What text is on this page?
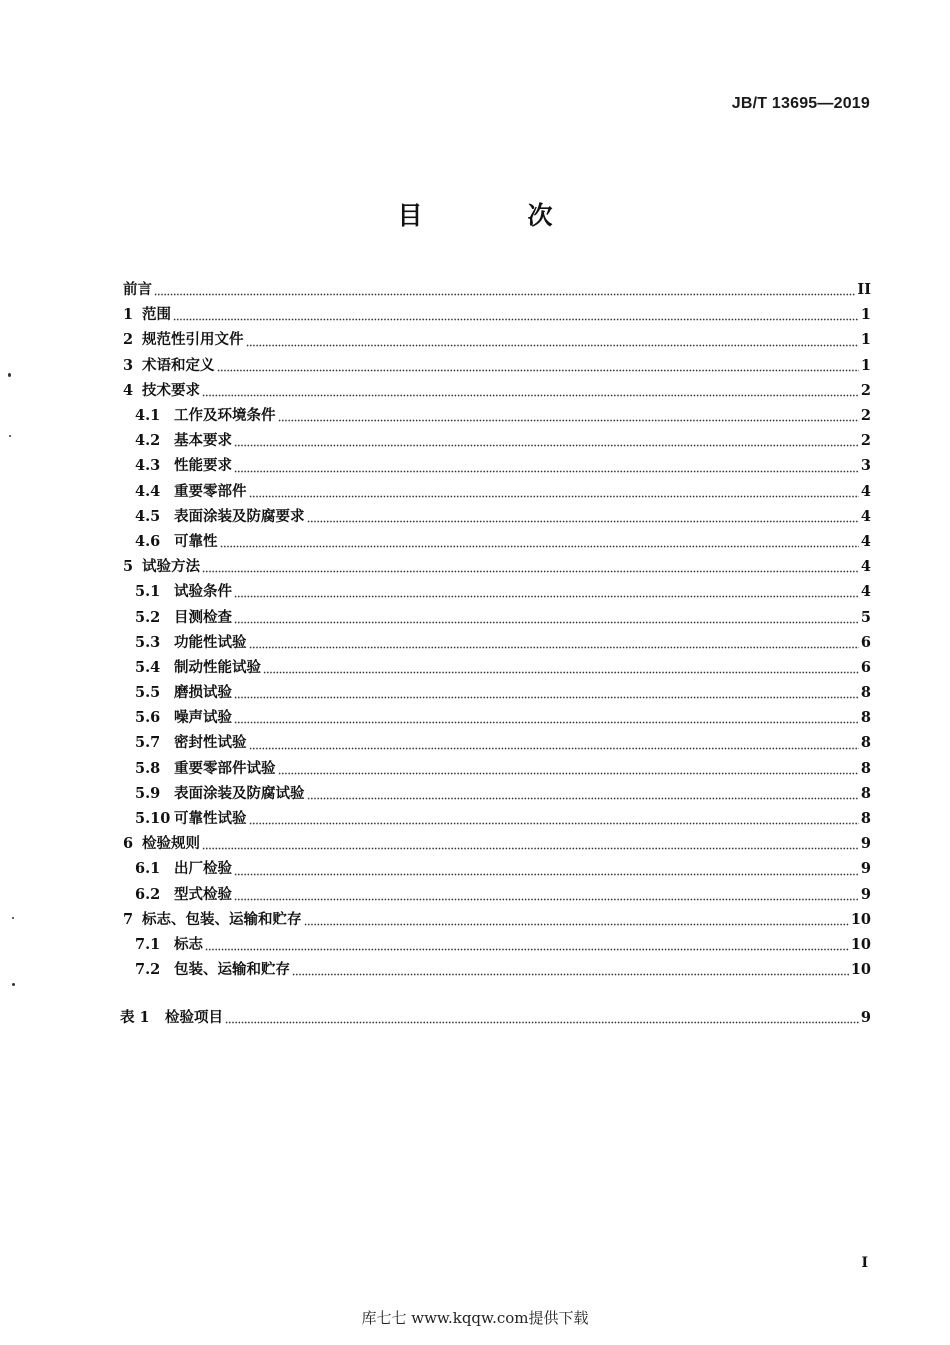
JB/T 13695—2019
目　次
前言	II
1 范围	1
2 规范性引用文件	1
3 术语和定义	1
4 技术要求	2
4.1 工作及环境条件	2
4.2 基本要求	2
4.3 性能要求	3
4.4 重要零部件	4
4.5 表面涂装及防腐要求	4
4.6 可靠性	4
5 试验方法	4
5.1 试验条件	4
5.2 目测检查	5
5.3 功能性试验	6
5.4 制动性能试验	6
5.5 磨损试验	8
5.6 噪声试验	8
5.7 密封性试验	8
5.8 重要零部件试验	8
5.9 表面涂装及防腐试验	8
5.10 可靠性试验	8
6 检验规则	9
6.1 出厂检验	9
6.2 型式检验	9
7 标志、包装、运输和贮存	10
7.1 标志	10
7.2 包装、运输和贮存	10
表 1	检验项目	9
I
库七七 www.kqqw.com提供下载
